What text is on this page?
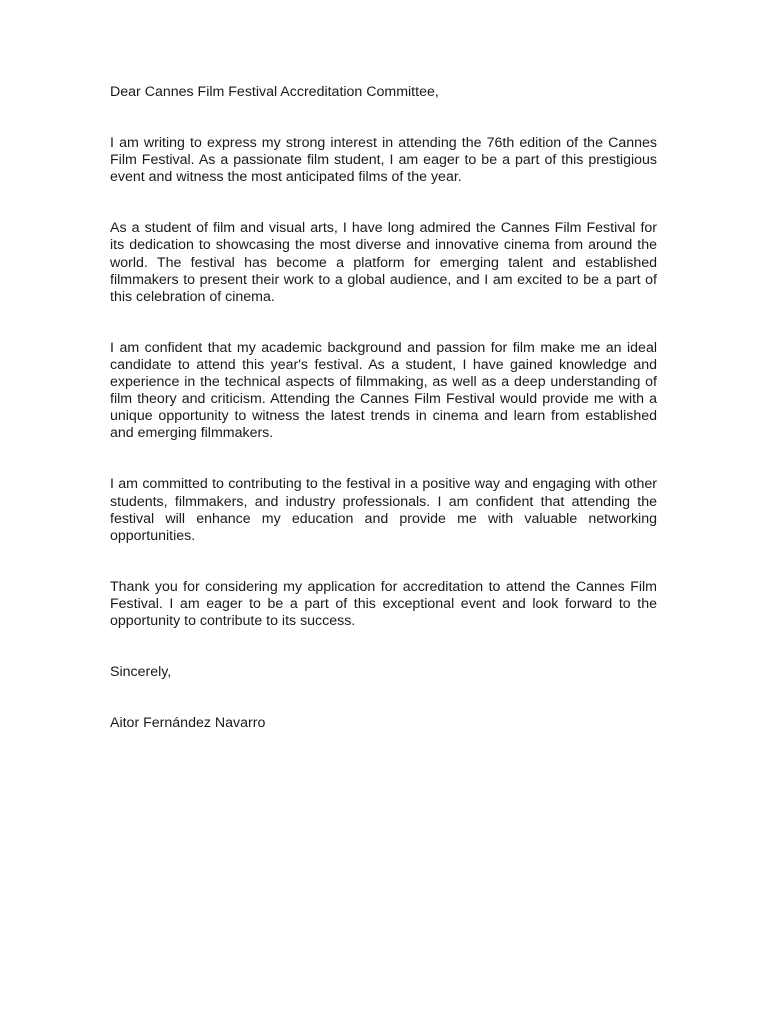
Dear Cannes Film Festival Accreditation Committee,

I am writing to express my strong interest in attending the 76th edition of the Cannes Film Festival. As a passionate film student, I am eager to be a part of this prestigious event and witness the most anticipated films of the year.

As a student of film and visual arts, I have long admired the Cannes Film Festival for its dedication to showcasing the most diverse and innovative cinema from around the world. The festival has become a platform for emerging talent and established filmmakers to present their work to a global audience, and I am excited to be a part of this celebration of cinema.

I am confident that my academic background and passion for film make me an ideal candidate to attend this year's festival. As a student, I have gained knowledge and experience in the technical aspects of filmmaking, as well as a deep understanding of film theory and criticism. Attending the Cannes Film Festival would provide me with a unique opportunity to witness the latest trends in cinema and learn from established and emerging filmmakers.

I am committed to contributing to the festival in a positive way and engaging with other students, filmmakers, and industry professionals. I am confident that attending the festival will enhance my education and provide me with valuable networking opportunities.

Thank you for considering my application for accreditation to attend the Cannes Film Festival. I am eager to be a part of this exceptional event and look forward to the opportunity to contribute to its success.

Sincerely,

Aitor Fernández Navarro
